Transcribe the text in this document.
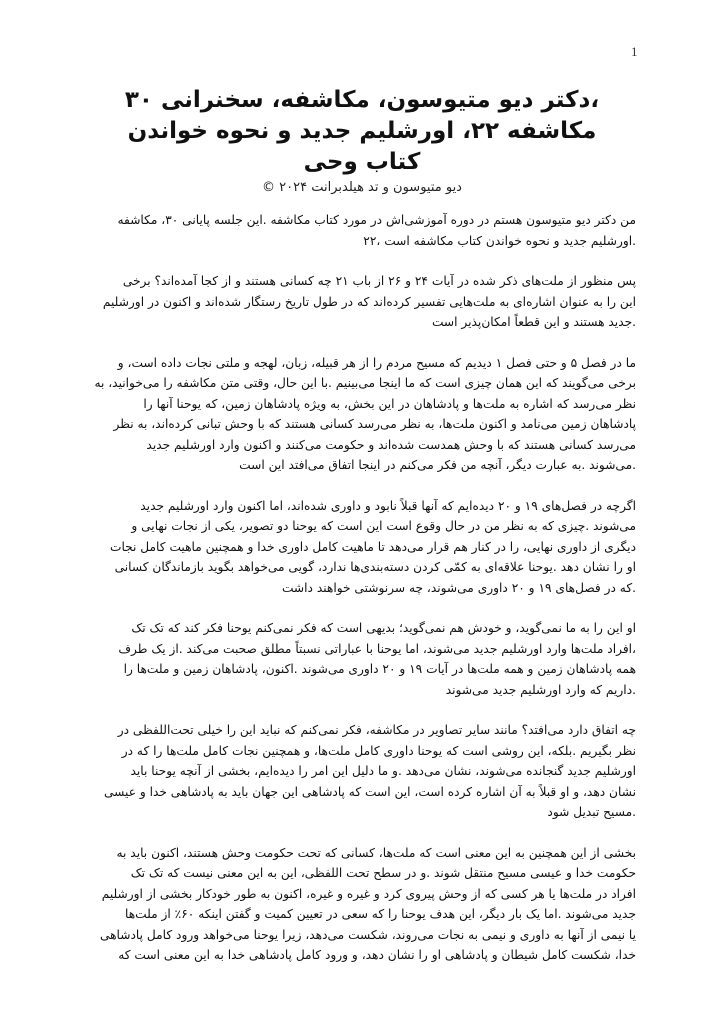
1
،دکتر دیو متیوسون، مکاشفه، سخنرانی ۳۰
مکاشفه ۲۲، اورشلیم جدید و نحوه خواندن
کتاب وحی
دیو متیوسون و تد هیلدبرانت ۲۰۲۴ ©

من دکتر دیو متیوسون هستم در دوره آموزشی‌اش در مورد کتاب مکاشفه .این جلسه پایانی ۳۰، مکاشفه
.اورشلیم جدید و نحوه خواندن کتاب مکاشفه است ،۲۲

پس منظور از ملت‌های ذکر شده در آیات ۲۴ و ۲۶ از باب ۲۱ چه کسانی هستند و از کجا آمده‌اند؟ برخی
این را به عنوان اشاره‌ای به ملت‌هایی تفسیر کرده‌اند که در طول تاریخ رستگار شده‌اند و اکنون در اورشلیم
.جدید هستند و این قطعاً امکان‌پذیر است

ما در فصل ۵ و حتی فصل ۱ دیدیم که مسیح مردم را از هر قبیله، زبان، لهجه و ملتی نجات داده است، و
برخی می‌گویند که این همان چیزی است که ما اینجا می‌بینیم .با این حال، وقتی متن مکاشفه را می‌خوانید، به
نظر می‌رسد که اشاره به ملت‌ها و پادشاهان در این بخش، به ویژه پادشاهان زمین، که یوحنا آنها را
پادشاهان زمین می‌نامد و اکنون ملت‌ها، به نظر می‌رسد کسانی هستند که با وحش تبانی کرده‌اند، به نظر
می‌رسد کسانی هستند که با وحش همدست شده‌اند و حکومت می‌کنند و اکنون وارد اورشلیم جدید
.می‌شوند .به عبارت دیگر، آنچه من فکر می‌کنم در اینجا اتفاق می‌افتد این است

اگرچه در فصل‌های ۱۹ و ۲۰ دیده‌ایم که آنها قبلاً نابود و داوری شده‌اند، اما اکنون وارد اورشلیم جدید
می‌شوند .چیزی که به نظر من در حال وقوع است این است که یوحنا دو تصویر، یکی از نجات نهایی و
دیگری از داوری نهایی، را در کنار هم قرار می‌دهد تا ماهیت کامل داوری خدا و همچنین ماهیت کامل نجات
او را نشان دهد .یوحنا علاقه‌ای به کمّی کردن دسته‌بندی‌ها ندارد، گویی می‌خواهد بگوید بازماندگان کسانی
.که در فصل‌های ۱۹ و ۲۰ داوری می‌شوند، چه سرنوشتی خواهند داشت

او این را به ما نمی‌گوید، و خودش هم نمی‌گوید؛ بدیهی است که فکر نمی‌کنم یوحنا فکر کند که تک تک
،افراد ملت‌ها وارد اورشلیم جدید می‌شوند، اما یوحنا با عباراتی نسبتاً مطلق صحبت می‌کند .از یک طرف
همه پادشاهان زمین و همه ملت‌ها در آیات ۱۹ و ۲۰ داوری می‌شوند .اکنون، پادشاهان زمین و ملت‌ها را
.داریم که وارد اورشلیم جدید می‌شوند

چه اتفاق دارد می‌افتد؟ مانند سایر تصاویر در مکاشفه، فکر نمی‌کنم که نباید این را خیلی تحت‌اللفظی در
نظر بگیریم .بلکه، این روشی است که یوحنا داوری کامل ملت‌ها، و همچنین نجات کامل ملت‌ها را که در
اورشلیم جدید گنجانده می‌شوند، نشان می‌دهد .و ما دلیل این امر را دیده‌ایم، بخشی از آنچه یوحنا باید
نشان دهد، و او قبلاً به آن اشاره کرده است، این است که پادشاهی این جهان باید به پادشاهی خدا و عیسی
.مسیح تبدیل شود

بخشی از این همچنین به این معنی است که ملت‌ها، کسانی که تحت حکومت وحش هستند، اکنون باید به
حکومت خدا و عیسی مسیح منتقل شوند .و در سطح تحت اللفظی، این به این معنی نیست که تک تک
افراد در ملت‌ها یا هر کسی که از وحش پیروی کرد و غیره و غیره، اکنون به طور خودکار بخشی از اورشلیم
جدید می‌شوند .اما یک بار دیگر، این هدف یوحنا را که سعی در تعیین کمیت و گفتن اینکه ۶۰٪ از ملت‌ها
یا نیمی از آنها به داوری و نیمی به نجات می‌روند، شکست می‌دهد، زیرا یوحنا می‌خواهد ورود کامل پادشاهی
خدا، شکست کامل شیطان و پادشاهی او را نشان دهد، و ورود کامل پادشاهی خدا به این معنی است که
